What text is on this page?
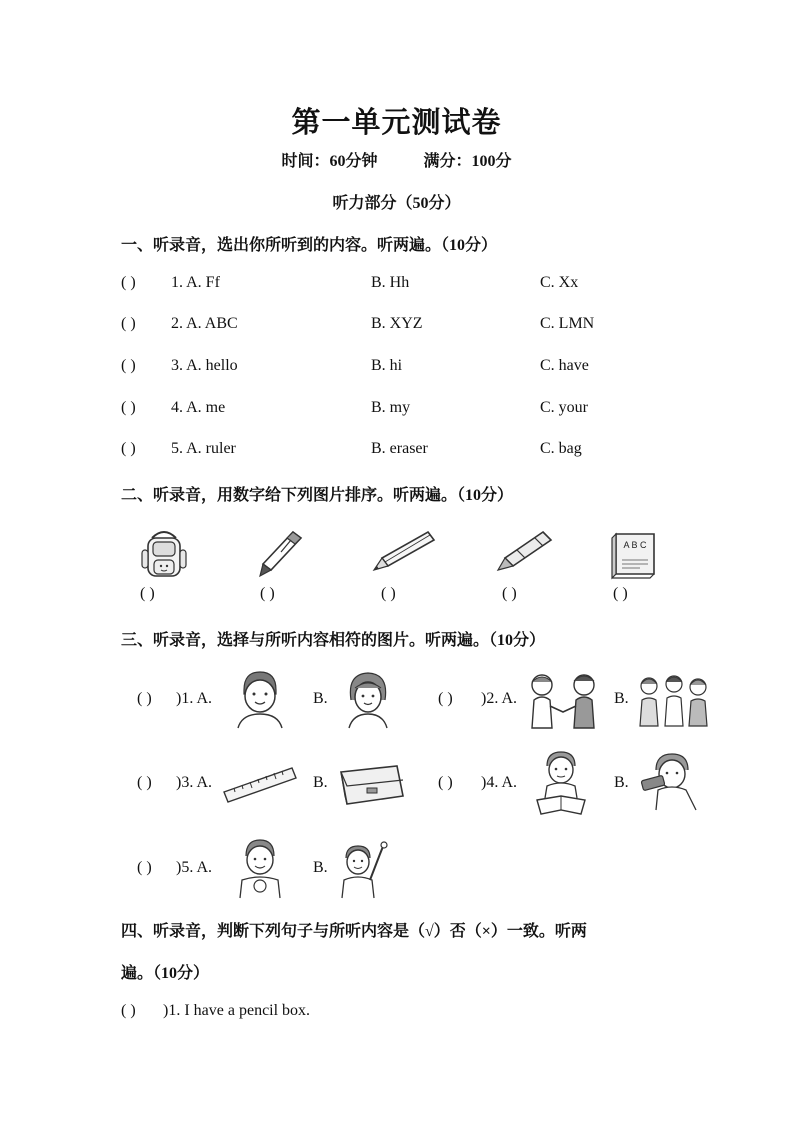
第一单元测试卷
时间：60分钟	满分：100分
听力部分（50分）
一、听录音，选出你所听到的内容。听两遍。（10分）
( ) 1. A. Ff	B. Hh	C. Xx
( ) 2. A. ABC	B. XYZ	C. LMN
( ) 3. A. hello	B. hi	C. have
( ) 4. A. me	B. my	C. your
( ) 5. A. ruler	B. eraser	C. bag
二、听录音，用数字给下列图片排序。听两遍。（10分）
A B C
( )	( )	( )	( )	( )
三、听录音，选择与所听内容相符的图片。听两遍。（10分）
( ) )1. A.	B.	( ) )2. A.	B.
( ) )3. A.	B.	( ) )4. A.	B.
( ) )5. A.	B.
四、听录音，判断下列句子与所听内容是（√）否（×）一致。听两
遍。（10分）
( ) )1. I have a pencil box.
